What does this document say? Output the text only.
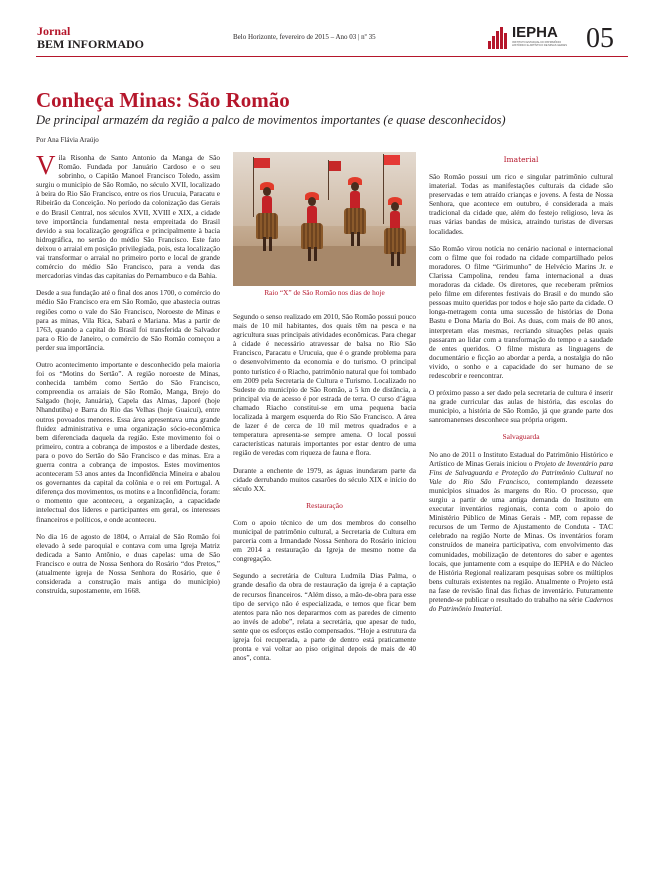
Jornal
BEM INFORMADO	Belo Horizonte, fevereiro de 2015 – Ano 03 | nº 35	IEPHA
INSTITUTO ESTADUAL DO PATRIMÔNIO HISTÓRICO E ARTÍSTICO DE MINAS GERAIS 05
Conheça Minas: São Romão
De principal armazém da região a palco de movimentos importantes (e quase desconhecidos)
Por Ana Flávia Araújo

Vila Risonha de Santo Antonio da Manga de São Romão. Fundada por Januário Cardoso e o seu sobrinho, o Capitão Manoel Francisco Toledo, assim surgiu o município de São Romão, no século XVII, localizado à beira do Rio São Francisco, entre os rios Urucuia, Paracatu e Ribeirão da Conceição. No período da colonização das Gerais e do Brasil Central, nos séculos XVII, XVIII e XIX, a cidade teve importância fundamental nesta empreitada do Brasil devido a sua localização geográfica e principalmente à bacia hidrográfica, no sertão do médio São Francisco. Este fato deixou o arraial em posição privilegiada, pois, esta localização vai transformar o arraial no primeiro porto e local de grande comércio do médio São Francisco, para a venda das mercadorias vindas das capitanias do Pernambuco e da Bahia.

Desde a sua fundação até o final dos anos 1700, o comércio do médio São Francisco era em São Romão, que abastecia outras regiões como o vale do São Francisco, Noroeste de Minas e para as minas, Vila Rica, Sabará e Mariana. Mas a partir de 1763, quando a capital do Brasil foi transferida de Salvador para o Rio de Janeiro, o comércio de São Romão começou a perder sua importância.

Outro acontecimento importante e desconhecido pela maioria foi os “Motins do Sertão”. A região noroeste de Minas, conhecida também como Sertão do São Francisco, compreendia os arraiais de São Romão, Manga, Brejo do Salgado (hoje, Januária), Capela das Almas, Japoré (hoje Nhandutiba) e Barra do Rio das Velhas (hoje Guaicuí), entre outros povoados menores. Essa área apresentava uma grande fluidez administrativa e uma organização sócio-econômica bem diferenciada daquela da região. Este movimento foi o primeiro, contra a cobrança de impostos e a liberdade destes, para o povo do Sertão do São Francisco e das minas. Era a guerra contra a cobrança de impostos. Estes movimentos aconteceram 53 anos antes da Inconfidência Mineira e abalou os governantes da capital da colônia e o rei em Portugal. A diferença dos movimentos, os motins e a Inconfidência, foram: o momento que aconteceu, a organização, a capacidade intelectual dos líderes e participantes em geral, os interesses financeiros e políticos, e onde aconteceu.

No dia 16 de agosto de 1804, o Arraial de São Romão foi elevado à sede paroquial e contava com uma Igreja Matriz dedicada a Santo Antônio, e duas capelas: uma de São Francisco e outra de Nossa Senhora do Rosário “dos Pretos,” (atualmente igreja de Nossa Senhora do Rosário, que é considerada a construção mais antiga do município) construída, supostamente, em 1668.

Raio “X” de São Romão nos dias de hoje

Segundo o senso realizado em 2010, São Romão possui pouco mais de 10 mil habitantes, dos quais têm na pesca e na agricultura suas principais atividades econômicas. Para chegar à cidade é necessário atravessar de balsa no Rio São Francisco, Paracatu e Urucuia, que é o grande problema para o desenvolvimento da economia e do turismo. O principal ponto turístico é o Riacho, patrimônio natural que foi tombado em 2009 pela Secretaria de Cultura e Turismo. Localizado no Sudeste do município de São Romão, a 5 km de distância, a principal via de acesso é por estrada de terra. O curso d’água chamado Riacho constitui-se em uma pequena bacia localizada à margem esquerda do Rio São Francisco. A área de lazer é de cerca de 10 mil metros quadrados e a temperatura apresenta-se sempre amena. O local possui características naturais importantes por estar dentro de uma região de veredas com riqueza de fauna e flora.

Durante a enchente de 1979, as águas inundaram parte da cidade derrubando muitos casarões do século XIX e início do século XX.

Restauração

Com o apoio técnico de um dos membros do conselho municipal de patrimônio cultural, a Secretaria de Cultura em parceria com a Irmandade Nossa Senhora do Rosário iniciou em 2014 a restauração da Igreja de mesmo nome da congregação.

Segundo a secretária de Cultura Ludmila Dias Palma, o grande desafio da obra de restauração da igreja é a captação de recursos financeiros. “Além disso, a mão-de-obra para esse tipo de serviço não é especializada, e temos que ficar bem atentos para não nos depararmos com as paredes de cimento ao invés de adobe”, relata a secretária, que apesar de tudo, sente que os esforços estão compensados. “Hoje a estrutura da igreja foi recuperada, a parte de dentro está praticamente pronta e vai voltar ao piso original depois de mais de 40 anos”, conta.

Imaterial

São Romão possui um rico e singular patrimônio cultural imaterial. Todas as manifestações culturais da cidade são preservadas e tem atraído crianças e jovens. A festa de Nossa Senhora, que acontece em outubro, é considerada a mais tradicional da cidade que, além do festejo religioso, leva às ruas várias bandas de música, atraindo turistas de diversas localidades.

São Romão virou notícia no cenário nacional e internacional com o filme que foi rodado na cidade compartilhado pelos moradores. O filme “Girimunho” de Helvécio Marins Jr. e Clarissa Campolina, rendeu fama internacional a duas moradoras da cidade. Os diretores, que receberam prêmios pelo filme em diferentes festivais do Brasil e do mundo são pessoas muito queridas por todos e hoje são parte da cidade. O longa-metragem conta uma sucessão de histórias de Dona Bastu e Dona Maria do Boi. As duas, com mais de 80 anos, interpretam elas mesmas, recriando situações pelas quais passaram ao lidar com a transformação do tempo e a saudade de entes queridos. O filme mistura as linguagens de documentário e ficção ao abordar a perda, a nostalgia do não vivido, o sonho e a capacidade do ser humano de se redescobrir e reencontrar.

O próximo passo a ser dado pela secretaria de cultura é inserir na grade curricular das aulas de história, das escolas do município, a história de São Romão, já que grande parte dos sanromanenses desconhece sua própria origem.

Salvaguarda

No ano de 2011 o Instituto Estadual do Patrimônio Histórico e Artístico de Minas Gerais iniciou o Projeto de Inventário para Fins de Salvaguarda e Proteção do Patrimônio Cultural no Vale do Rio São Francisco, contemplando dezessete municípios situados às margens do Rio. O processo, que surgiu a partir de uma antiga demanda do Instituto em executar inventários regionais, conta com o apoio do Ministério Público de Minas Gerais - MP, com repasse de recursos de um Termo de Ajustamento de Conduta - TAC celebrado na região Norte de Minas. Os inventários foram construídos de maneira participativa, com envolvimento das comunidades, mobilização de detentores do saber e agentes locais, que juntamente com a esquipe do IEPHA e do Núcleo de História Regional realizaram pesquisas sobre os múltiplos bens culturais existentes na região. Atualmente o Projeto está na fase de revisão final das fichas de inventário. Futuramente pretende-se publicar o resultado do trabalho na série Cadernos do Patrimônio Imaterial.
